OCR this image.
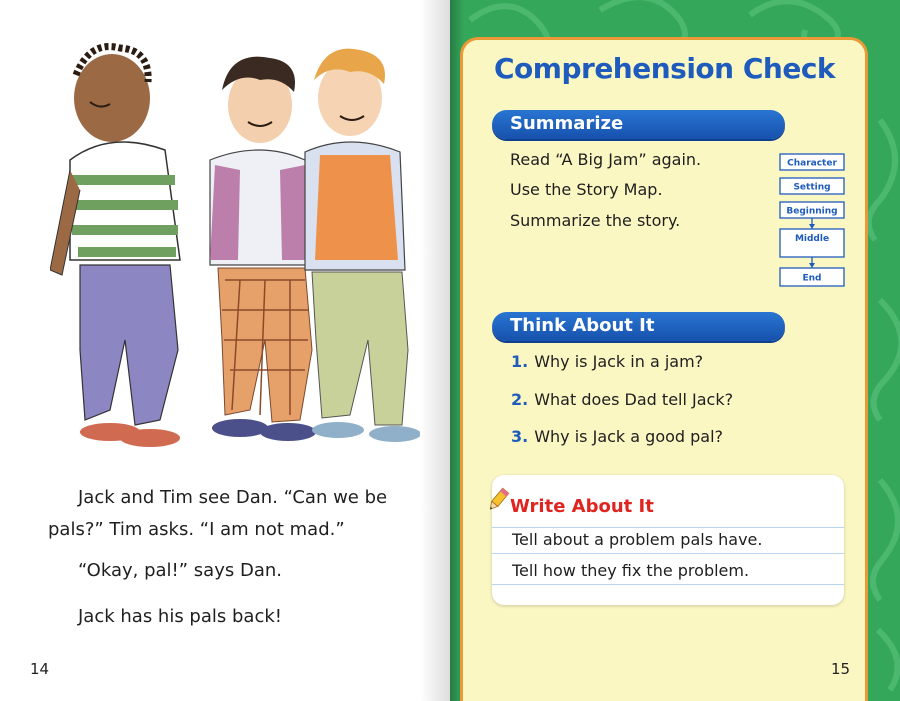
Jack and Tim see Dan. “Can we be
pals?” Tim asks. “I am not mad.”

“Okay, pal!” says Dan.

Jack has his pals back!

14
Comprehension Check
Summarize

Read “A Big Jam” again.

Use the Story Map.

Summarize the story.

Character
Setting
Beginning
Middle
End
Think About It

1. Why is Jack in a jam?

2. What does Dad tell Jack?

3. Why is Jack a good pal?

Write About It

Tell about a problem pals have.

Tell how they fix the problem.

15
